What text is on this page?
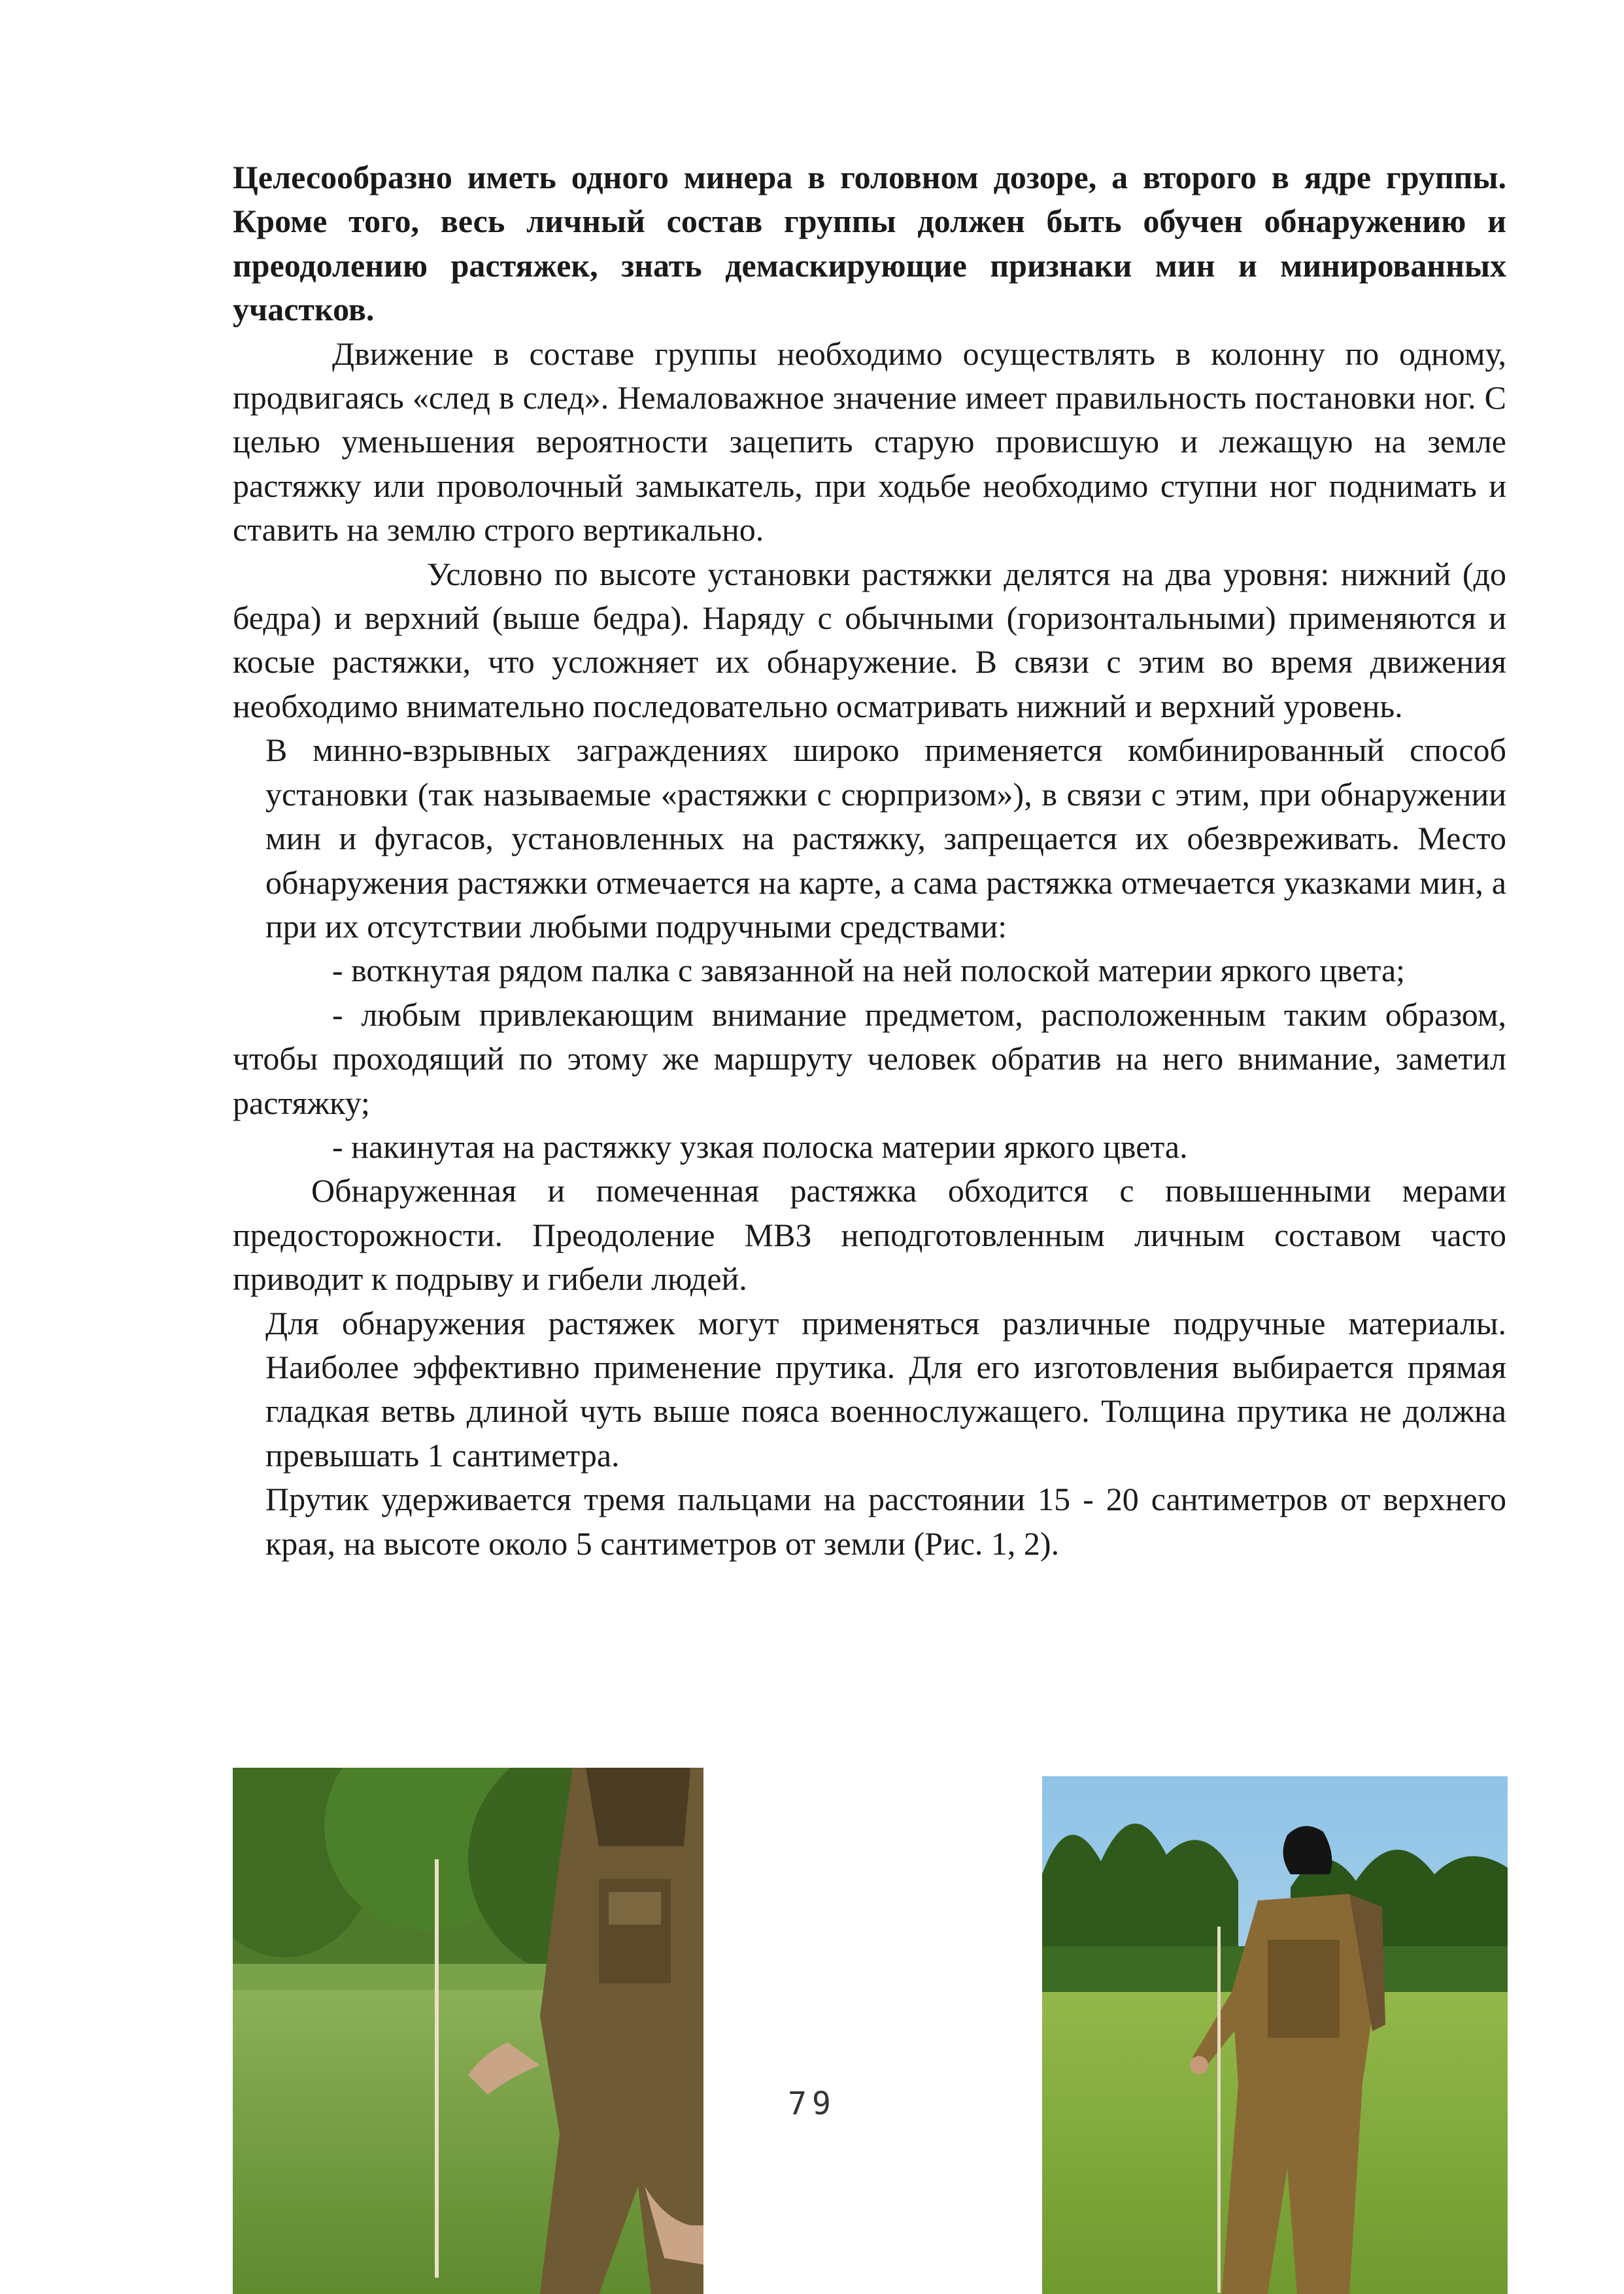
Целесообразно иметь одного минера в головном дозоре, а второго в ядре группы. Кроме того, весь личный состав группы должен быть обучен обнаружению и преодолению растяжек, знать демаскирующие признаки мин и минированных участков.

Движение в составе группы необходимо осуществлять в колонну по одному, продвигаясь «след в след». Немаловажное значение имеет правильность постановки ног. С целью уменьшения вероятности зацепить старую провисшую и лежащую на земле растяжку или проволочный замыкатель, при ходьбе необходимо ступни ног поднимать и ставить на землю строго вертикально.

Условно по высоте установки растяжки делятся на два уровня: нижний (до бедра) и верхний (выше бедра). Наряду с обычными (горизонтальными) применяются и косые растяжки, что усложняет их обнаружение. В связи с этим во время движения необходимо внимательно последовательно осматривать нижний и верхний уровень.

В минно-взрывных заграждениях широко применяется комбинированный способ установки (так называемые «растяжки с сюрпризом»), в связи с этим, при обнаружении мин и фугасов, установленных на растяжку, запрещается их обезвреживать. Место обнаружения растяжки отмечается на карте, а сама растяжка отмечается указками мин, а при их отсутствии любыми подручными средствами:

- воткнутая рядом палка с завязанной на ней полоской материи яркого цвета;

- любым привлекающим внимание предметом, расположенным таким образом, чтобы проходящий по этому же маршруту человек обратив на него внимание, заметил растяжку;

- накинутая на растяжку узкая полоска материи яркого цвета.

Обнаруженная и помеченная растяжка обходится с повышенными мерами предосторожности. Преодоление МВЗ неподготовленным личным составом часто приводит к подрыву и гибели людей.

Для обнаружения растяжек могут применяться различные подручные материалы. Наиболее эффективно применение прутика. Для его изготовления выбирается прямая гладкая ветвь длиной чуть выше пояса военнослужащего. Толщина прутика не должна превышать 1 сантиметра.

Прутик удерживается тремя пальцами на расстоянии 15 - 20 сантиметров от верхнего края, на высоте около 5 сантиметров от земли (Рис. 1, 2).

79
